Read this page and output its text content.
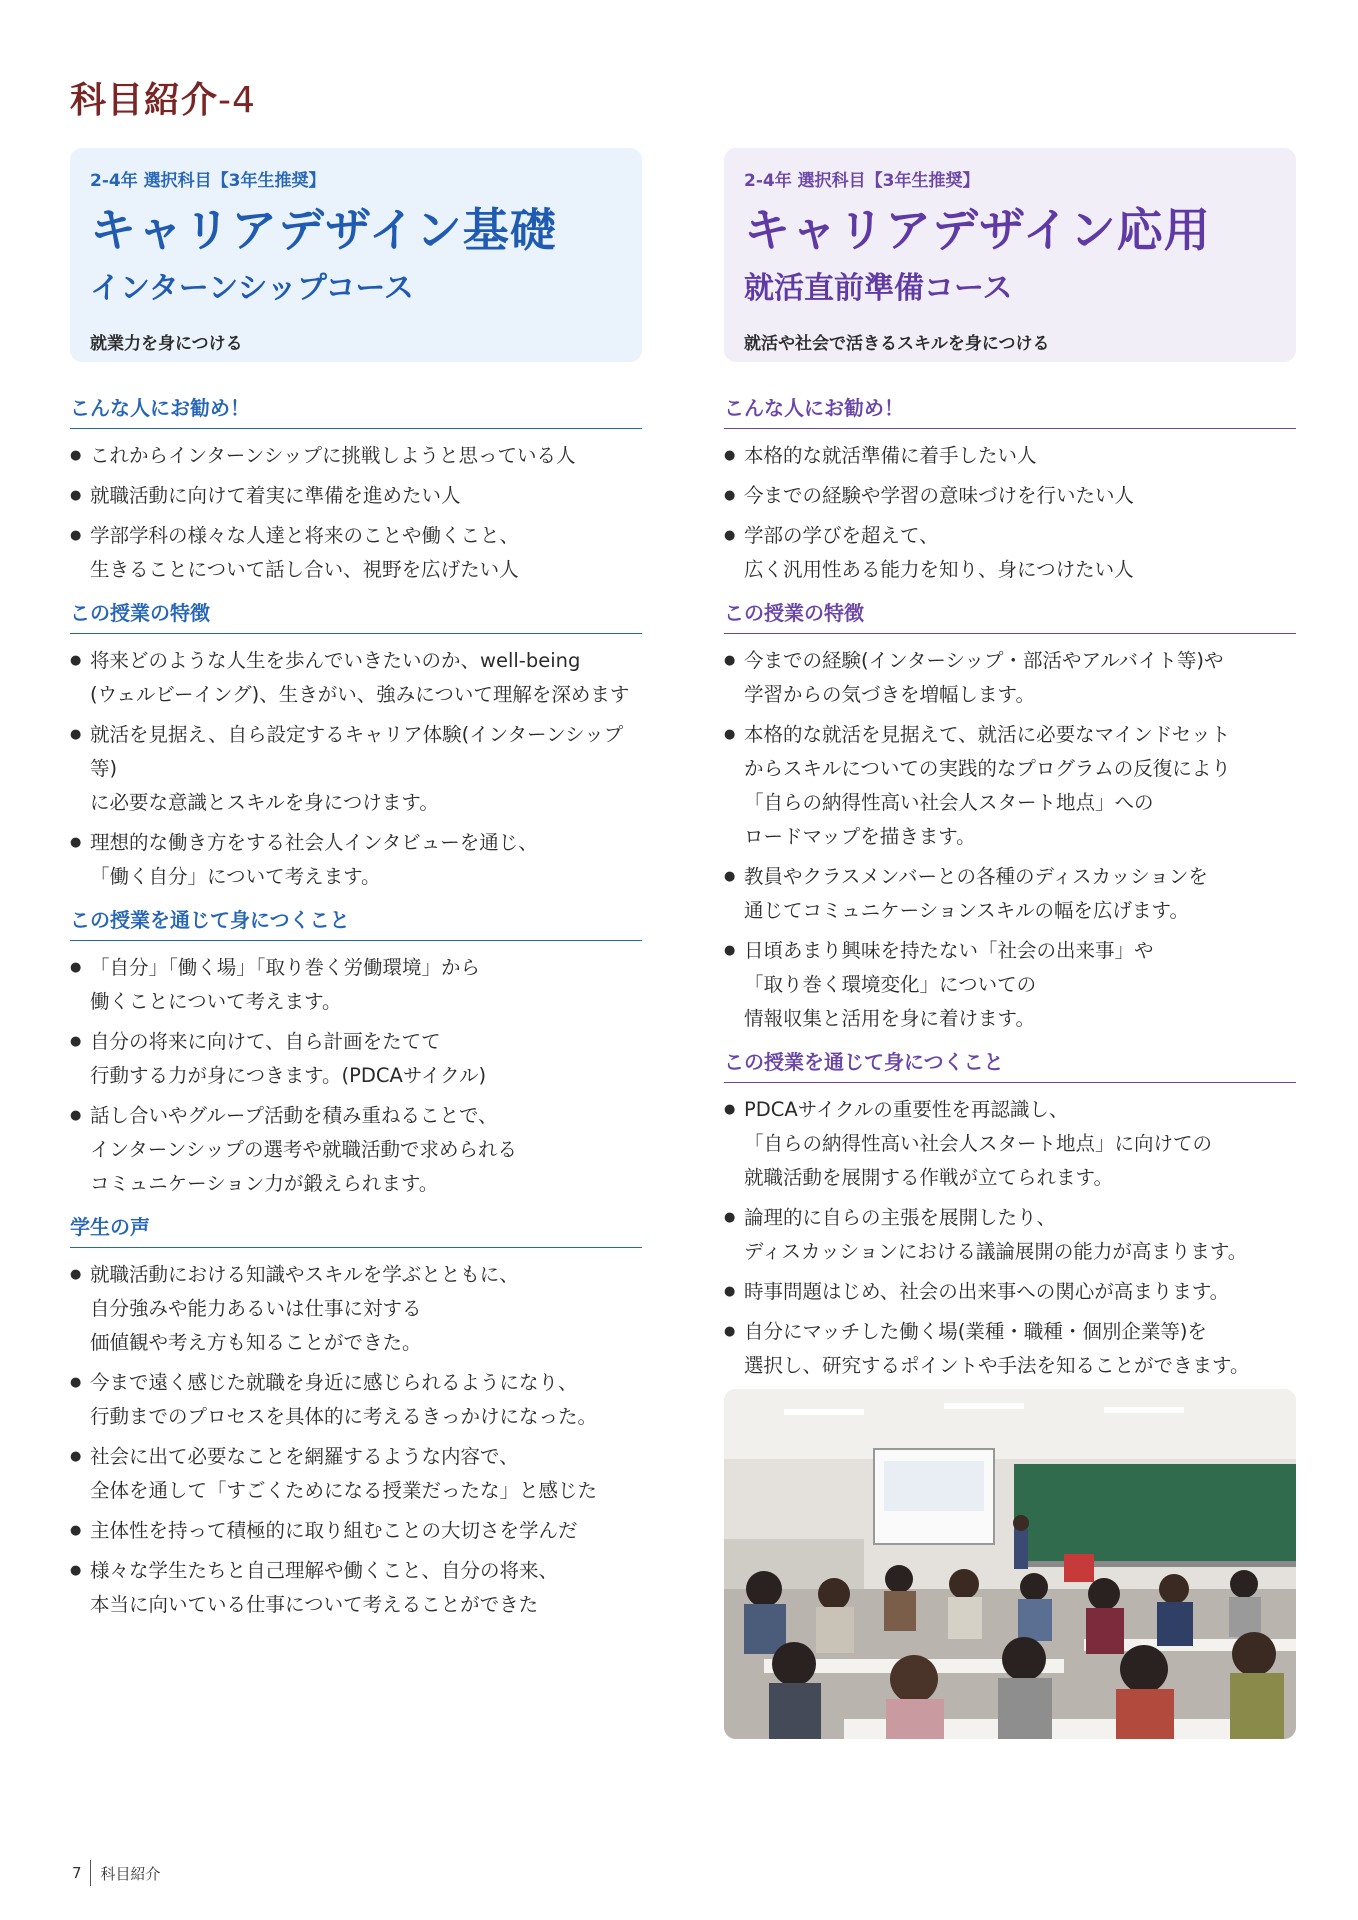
科目紹介-4
2-4年 選択科目【3年生推奨】
キャリアデザイン基礎
インターンシップコース
就業力を身につける
こんな人にお勧め！
● これからインターンシップに挑戦しようと思っている人
● 就職活動に向けて着実に準備を進めたい人
● 学部学科の様々な人達と将来のことや働くこと、
生きることについて話し合い、視野を広げたい人
この授業の特徴
● 将来どのような人生を歩んでいきたいのか、well-being
(ウェルビーイング)、生きがい、強みについて理解を深めます
● 就活を見据え、自ら設定するキャリア体験(インターンシップ等)
に必要な意識とスキルを身につけます。
● 理想的な働き方をする社会人インタビューを通じ、
「働く自分」について考えます。
この授業を通じて身につくこと
● 「自分」「働く場」「取り巻く労働環境」から
働くことについて考えます。
● 自分の将来に向けて、自ら計画をたてて
行動する力が身につきます。(PDCAサイクル)
● 話し合いやグループ活動を積み重ねることで、
インターンシップの選考や就職活動で求められる
コミュニケーション力が鍛えられます。
学生の声
● 就職活動における知識やスキルを学ぶとともに、
自分強みや能力あるいは仕事に対する
価値観や考え方も知ることができた。
● 今まで遠く感じた就職を身近に感じられるようになり、
行動までのプロセスを具体的に考えるきっかけになった。
● 社会に出て必要なことを網羅するような内容で、
全体を通して「すごくためになる授業だったな」と感じた
● 主体性を持って積極的に取り組むことの大切さを学んだ
● 様々な学生たちと自己理解や働くこと、自分の将来、
本当に向いている仕事について考えることができた
2-4年 選択科目【3年生推奨】
キャリアデザイン応用
就活直前準備コース
就活や社会で活きるスキルを身につける
こんな人にお勧め！
● 本格的な就活準備に着手したい人
● 今までの経験や学習の意味づけを行いたい人
● 学部の学びを超えて、
広く汎用性ある能力を知り、身につけたい人
この授業の特徴
● 今までの経験(インターシップ・部活やアルバイト等)や
学習からの気づきを増幅します。
● 本格的な就活を見据えて、就活に必要なマインドセット
からスキルについての実践的なプログラムの反復により
「自らの納得性高い社会人スタート地点」への
ロードマップを描きます。
● 教員やクラスメンバーとの各種のディスカッションを
通じてコミュニケーションスキルの幅を広げます。
● 日頃あまり興味を持たない「社会の出来事」や
「取り巻く環境変化」についての
情報収集と活用を身に着けます。
この授業を通じて身につくこと
● PDCAサイクルの重要性を再認識し、
「自らの納得性高い社会人スタート地点」に向けての
就職活動を展開する作戦が立てられます。
● 論理的に自らの主張を展開したり、
ディスカッションにおける議論展開の能力が高まります。
● 時事問題はじめ、社会の出来事への関心が高まります。
● 自分にマッチした働く場(業種・職種・個別企業等)を
選択し、研究するポイントや手法を知ることができます。
7	科目紹介
